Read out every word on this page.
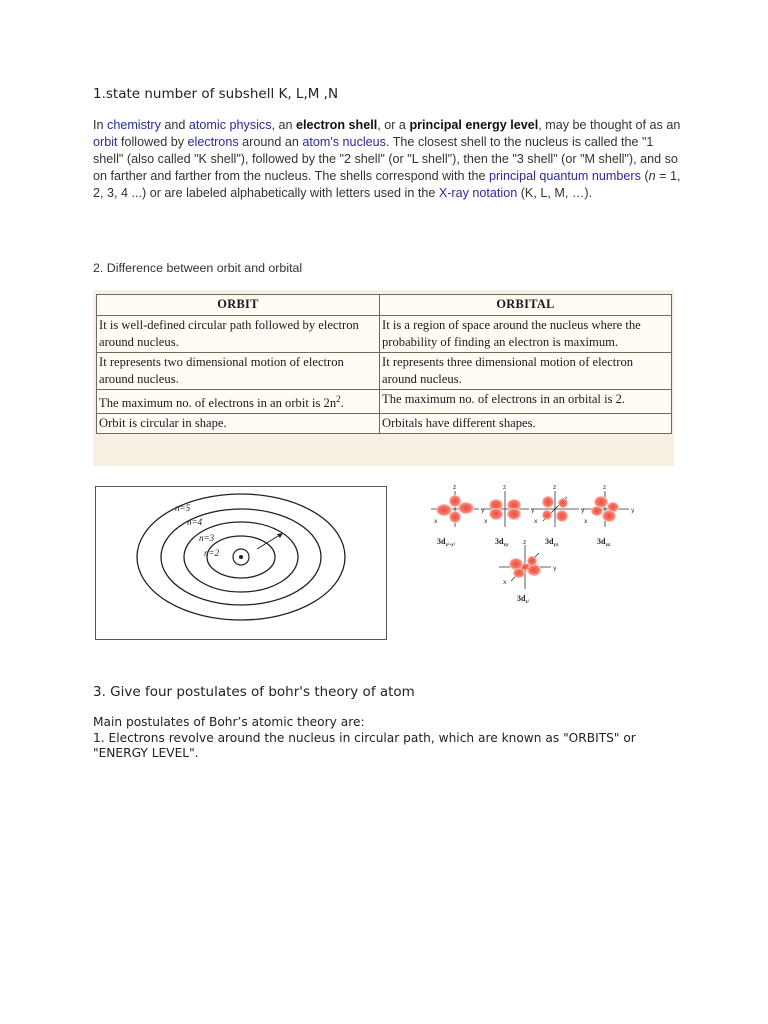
1.state number of subshell K, L,M ,N
In chemistry and atomic physics, an electron shell, or a principal energy level, may be thought of as an orbit followed by electrons around an atom's nucleus. The closest shell to the nucleus is called the "1 shell" (also called "K shell"), followed by the "2 shell" (or "L shell"), then the "3 shell" (or "M shell"), and so on farther and farther from the nucleus. The shells correspond with the principal quantum numbers (n = 1, 2, 3, 4 ...) or are labeled alphabetically with letters used in the X-ray notation (K, L, M, …).
2. Difference between orbit and orbital
ORBIT	ORBITAL
It is well-defined circular path followed by electron around nucleus.	It is a region of space around the nucleus where the probability of finding an electron is maximum.
It represents two dimensional motion of electron around nucleus.	It represents three dimensional motion of electron around nucleus.
The maximum no. of electrons in an orbit is $2n^2$.	The maximum no. of electrons in an orbital is 2.
Orbit is circular in shape.	Orbitals have different shapes.
n=5
n=4
n=3
n=2
z
x
y
$3d_{x^2-y^2}$
z
x
y
$3d_{xy}$
z
x
y
$3d_{yz}$
z
x
y
$3d_{xz}$
z
x
y
$3d_{z^2}$
3. Give four postulates of bohr's theory of atom
Main postulates of Bohr’s atomic theory are:
1. Electrons revolve around the nucleus in circular path, which are known as "ORBITS" or "ENERGY LEVEL".
